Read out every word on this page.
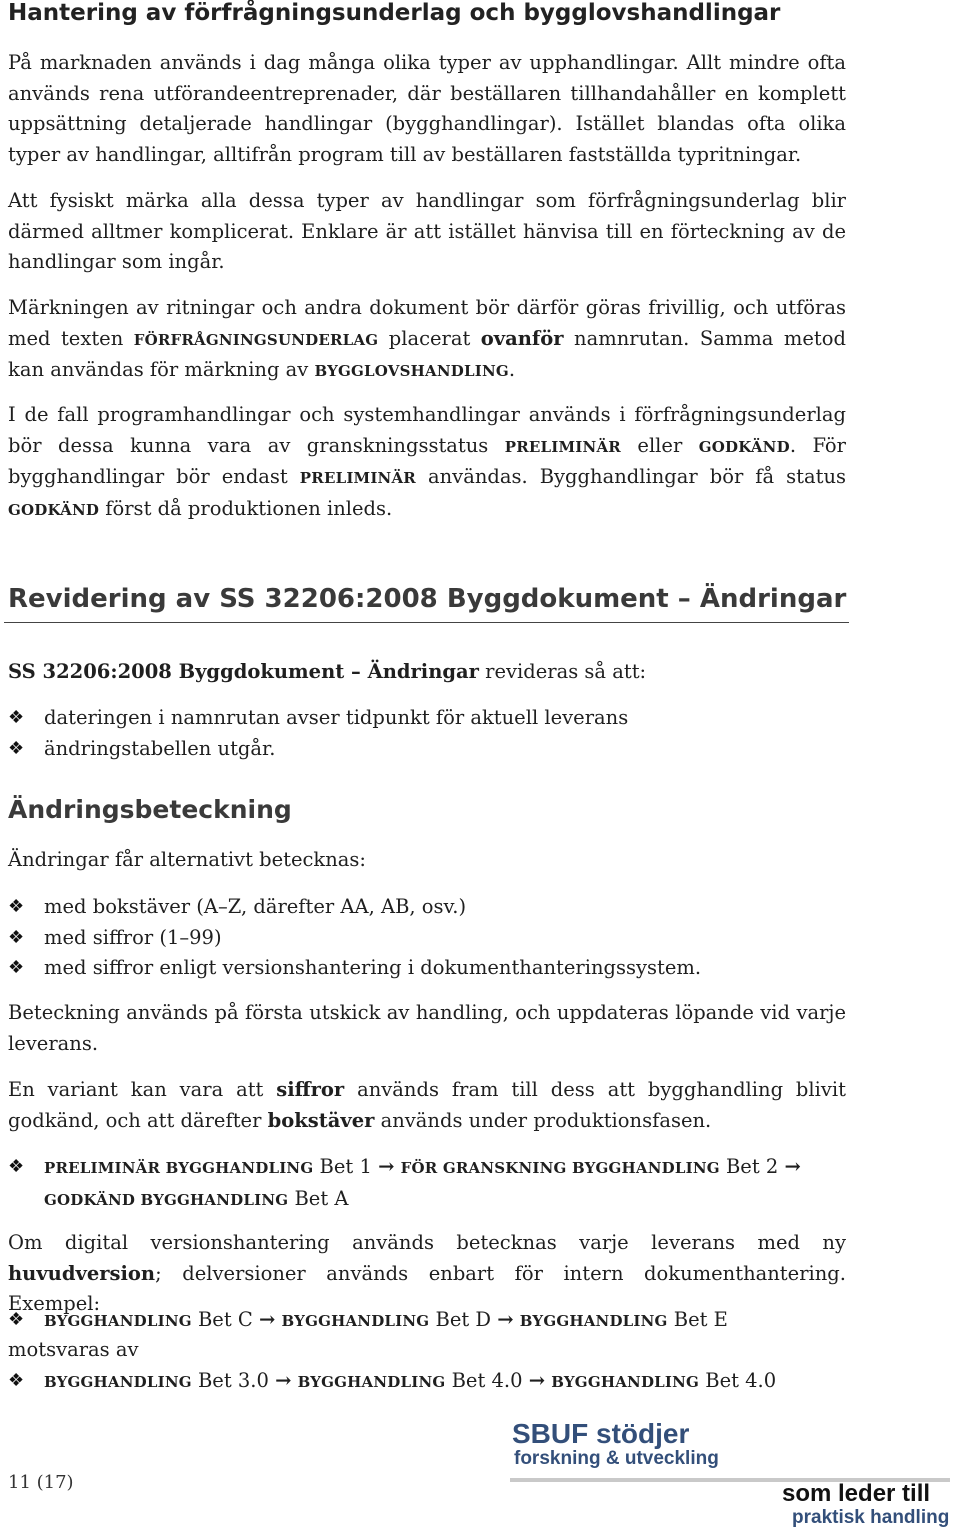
Hantering av förfrågningsunderlag och bygglovshandlingar

På marknaden används i dag många olika typer av upphandlingar. Allt mindre ofta används rena utförandeentreprenader, där beställaren tillhandahåller en komplett uppsättning detaljerade handlingar (bygghandlingar). Istället blandas ofta olika typer av handlingar, alltifrån program till av beställaren fastställda typritningar.

Att fysiskt märka alla dessa typer av handlingar som förfrågningsunderlag blir därmed alltmer komplicerat. Enklare är att istället hänvisa till en förteckning av de handlingar som ingår.

Märkningen av ritningar och andra dokument bör därför göras frivillig, och utföras med texten FÖRFRÅGNINGSUNDERLAG placerat ovanför namnrutan. Samma metod kan användas för märkning av BYGGLOVSHANDLING.

I de fall programhandlingar och systemhandlingar används i förfrågningsunderlag bör dessa kunna vara av granskningsstatus PRELIMINÄR eller GODKÄND. För bygghandlingar bör endast PRELIMINÄR användas. Bygghandlingar bör få status GODKÄND först då produktionen inleds.

Revidering av SS 32206:2008 Byggdokument – Ändringar

SS 32206:2008 Byggdokument – Ändringar revideras så att:

❖ dateringen i namnrutan avser tidpunkt för aktuell leverans
❖ ändringstabellen utgår.
Ändringsbeteckning

Ändringar får alternativt betecknas:

❖ med bokstäver (A–Z, därefter AA, AB, osv.)
❖ med siffror (1–99)
❖ med siffror enligt versionshantering i dokumenthanteringssystem.

Beteckning används på första utskick av handling, och uppdateras löpande vid varje leverans.

En variant kan vara att siffror används fram till dess att bygghandling blivit godkänd, och att därefter bokstäver används under produktionsfasen.

❖ PRELIMINÄR BYGGHANDLING Bet 1 → FÖR GRANSKNING BYGGHANDLING Bet 2 → GODKÄND BYGGHANDLING Bet A

Om digital versionshantering används betecknas varje leverans med ny huvudversion; delversioner används enbart för intern dokumenthantering. Exempel:

❖ BYGGHANDLING Bet C → BYGGHANDLING Bet D → BYGGHANDLING Bet E

motsvaras av

❖ BYGGHANDLING Bet 3.0 → BYGGHANDLING Bet 4.0 → BYGGHANDLING Bet 4.0
11 (17)
SBUF stödjer
forskning & utveckling
som leder till
praktisk handling
